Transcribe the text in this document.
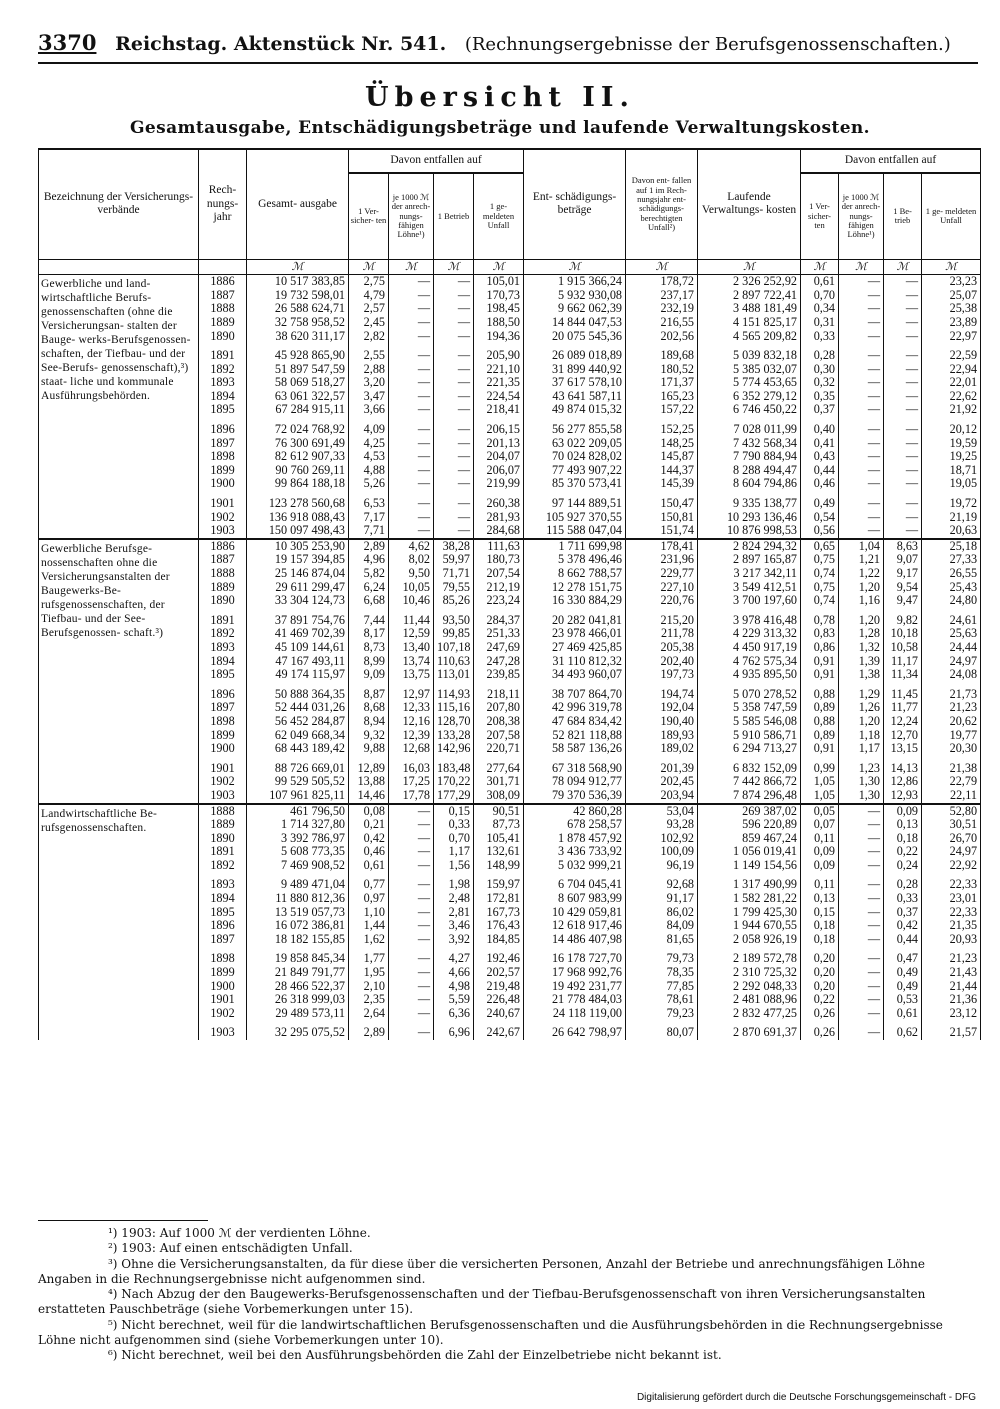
3370 Reichstag. Aktenstück Nr. 541. (Rechnungsergebnisse der Berufsgenossenschaften.)
Übersicht II.
Gesamtausgabe, Entschädigungsbeträge und laufende Verwaltungskosten.
Bezeichnung der Versicherungs- verbände	Rech- nungs- jahr	Gesamt- ausgabe	Davon entfallen auf				Ent- schädigungs- beträge	Davon ent- fallen auf 1 im Rech- nungsjahr ent- schädigungs- berechtigten Unfall²)	Laufende Verwaltungs- kosten	Davon entfallen auf			
			1 Ver- sicher- ten	je 1000 ℳ der anrech- nungs- fähigen Löhne¹)	1 Betrieb	1 ge- meldeten Unfall				1 Ver- sicher- ten	je 1000 ℳ der anrech- nungs- fähigen Löhne¹)	1 Be- trieb	1 ge- meldeten Unfall
		ℳ	ℳ	ℳ	ℳ	ℳ	ℳ	ℳ	ℳ	ℳ	ℳ	ℳ	ℳ
Gewerbliche und land- wirtschaftliche Berufs- genossenschaften (ohne die Versicherungsan- stalten der Bauge- werks-Berufsgenossen- schaften, der Tiefbau- und der See-Berufs- genossenschaft),³) staat- liche und kommunale Ausführungsbehörden.	1886	10 517 383,85	2,75	—	—	105,01	1 915 366,24	178,72	2 326 252,92	0,61	—	—	23,23
	1887	19 732 598,01	4,79	—	—	170,73	5 932 930,08	237,17	2 897 722,41	0,70	—	—	25,07
	1888	26 588 624,71	2,57	—	—	198,45	9 662 062,39	232,19	3 488 181,49	0,34	—	—	25,38
	1889	32 758 958,52	2,45	—	—	188,50	14 844 047,53	216,55	4 151 825,17	0,31	—	—	23,89
	1890	38 620 311,17	2,82	—	—	194,36	20 075 545,36	202,56	4 565 209,82	0,33	—	—	22,97
	1891	45 928 865,90	2,55	—	—	205,90	26 089 018,89	189,68	5 039 832,18	0,28	—	—	22,59
	1892	51 897 547,59	2,88	—	—	221,10	31 899 440,92	180,52	5 385 032,07	0,30	—	—	22,94
	1893	58 069 518,27	3,20	—	—	221,35	37 617 578,10	171,37	5 774 453,65	0,32	—	—	22,01
	1894	63 061 322,57	3,47	—	—	224,54	43 641 587,11	165,23	6 352 279,12	0,35	—	—	22,62
	1895	67 284 915,11	3,66	—	—	218,41	49 874 015,32	157,22	6 746 450,22	0,37	—	—	21,92
	1896	72 024 768,92	4,09	—	—	206,15	56 277 855,58	152,25	7 028 011,99	0,40	—	—	20,12
	1897	76 300 691,49	4,25	—	—	201,13	63 022 209,05	148,25	7 432 568,34	0,41	—	—	19,59
	1898	82 612 907,33	4,53	—	—	204,07	70 024 828,02	145,87	7 790 884,94	0,43	—	—	19,25
	1899	90 760 269,11	4,88	—	—	206,07	77 493 907,22	144,37	8 288 494,47	0,44	—	—	18,71
	1900	99 864 188,18	5,26	—	—	219,99	85 370 573,41	145,39	8 604 794,86	0,46	—	—	19,05
	1901	123 278 560,68	6,53	—	—	260,38	97 144 889,51	150,47	9 335 138,77	0,49	—	—	19,72
	1902	136 918 088,43	7,17	—	—	281,93	105 927 370,55	150,81	10 293 136,46	0,54	—	—	21,19
	1903	150 097 498,43	7,71	—	—	284,68	115 588 047,04	151,74	10 876 998,53	0,56	—	—	20,63
Gewerbliche Berufsge- nossenschaften ohne die Versicherungsanstalten der Baugewerks-Be- rufsgenossenschaften, der Tiefbau- und der See-Berufsgenossen- schaft.³)	1886	10 305 253,90	2,89	4,62	38,28	111,63	1 711 699,98	178,41	2 824 294,32	0,65	1,04	8,63	25,18
	1887	19 157 394,85	4,96	8,02	59,97	180,73	5 378 496,46	231,96	2 897 165,87	0,75	1,21	9,07	27,33
	1888	25 146 874,04	5,82	9,50	71,71	207,54	8 662 788,57	229,77	3 217 342,11	0,74	1,22	9,17	26,55
	1889	29 611 299,47	6,24	10,05	79,55	212,19	12 278 151,75	227,10	3 549 412,51	0,75	1,20	9,54	25,43
	1890	33 304 124,73	6,68	10,46	85,26	223,24	16 330 884,29	220,76	3 700 197,60	0,74	1,16	9,47	24,80
	1891	37 891 754,76	7,44	11,44	93,50	284,37	20 282 041,81	215,20	3 978 416,48	0,78	1,20	9,82	24,61
	1892	41 469 702,39	8,17	12,59	99,85	251,33	23 978 466,01	211,78	4 229 313,32	0,83	1,28	10,18	25,63
	1893	45 109 144,61	8,73	13,40	107,18	247,69	27 469 425,85	205,38	4 450 917,19	0,86	1,32	10,58	24,44
	1894	47 167 493,11	8,99	13,74	110,63	247,28	31 110 812,32	202,40	4 762 575,34	0,91	1,39	11,17	24,97
	1895	49 174 115,97	9,09	13,75	113,01	239,85	34 493 960,07	197,73	4 935 895,50	0,91	1,38	11,34	24,08
	1896	50 888 364,35	8,87	12,97	114,93	218,11	38 707 864,70	194,74	5 070 278,52	0,88	1,29	11,45	21,73
	1897	52 444 031,26	8,68	12,33	115,16	207,80	42 996 319,78	192,04	5 358 747,59	0,89	1,26	11,77	21,23
	1898	56 452 284,87	8,94	12,16	128,70	208,38	47 684 834,42	190,40	5 585 546,08	0,88	1,20	12,24	20,62
	1899	62 049 668,34	9,32	12,39	133,28	207,58	52 821 118,88	189,93	5 910 586,71	0,89	1,18	12,70	19,77
	1900	68 443 189,42	9,88	12,68	142,96	220,71	58 587 136,26	189,02	6 294 713,27	0,91	1,17	13,15	20,30
	1901	88 726 669,01	12,89	16,03	183,48	277,64	67 318 568,90	201,39	6 832 152,09	0,99	1,23	14,13	21,38
	1902	99 529 505,52	13,88	17,25	170,22	301,71	78 094 912,77	202,45	7 442 866,72	1,05	1,30	12,86	22,79
	1903	107 961 825,11	14,46	17,78	177,29	308,09	79 370 536,39	203,94	7 874 296,48	1,05	1,30	12,93	22,11
Landwirtschaftliche Be- rufsgenossenschaften.	1888	461 796,50	0,08	—	0,15	90,51	42 860,28	53,04	269 387,02	0,05	—	0,09	52,80
	1889	1 714 327,80	0,21	—	0,33	87,73	678 258,57	93,28	596 220,89	0,07	—	0,13	30,51
	1890	3 392 786,97	0,42	—	0,70	105,41	1 878 457,92	102,92	859 467,24	0,11	—	0,18	26,70
	1891	5 608 773,35	0,46	—	1,17	132,61	3 436 733,92	100,09	1 056 019,41	0,09	—	0,22	24,97
	1892	7 469 908,52	0,61	—	1,56	148,99	5 032 999,21	96,19	1 149 154,56	0,09	—	0,24	22,92
	1893	9 489 471,04	0,77	—	1,98	159,97	6 704 045,41	92,68	1 317 490,99	0,11	—	0,28	22,33
	1894	11 880 812,36	0,97	—	2,48	172,81	8 607 983,99	91,17	1 582 281,22	0,13	—	0,33	23,01
	1895	13 519 057,73	1,10	—	2,81	167,73	10 429 059,81	86,02	1 799 425,30	0,15	—	0,37	22,33
	1896	16 072 386,81	1,44	—	3,46	176,43	12 618 917,46	84,09	1 944 670,55	0,18	—	0,42	21,35
	1897	18 182 155,85	1,62	—	3,92	184,85	14 486 407,98	81,65	2 058 926,19	0,18	—	0,44	20,93
	1898	19 858 845,34	1,77	—	4,27	192,46	16 178 727,70	79,73	2 189 572,78	0,20	—	0,47	21,23
	1899	21 849 791,77	1,95	—	4,66	202,57	17 968 992,76	78,35	2 310 725,32	0,20	—	0,49	21,43
	1900	28 466 522,37	2,10	—	4,98	219,48	19 492 231,77	77,85	2 292 048,33	0,20	—	0,49	21,44
	1901	26 318 999,03	2,35	—	5,59	226,48	21 778 484,03	78,61	2 481 088,96	0,22	—	0,53	21,36
	1902	29 489 573,11	2,64	—	6,36	240,67	24 118 119,00	79,23	2 832 477,25	0,26	—	0,61	23,12
	1903	32 295 075,52	2,89	—	6,96	242,67	26 642 798,97	80,07	2 870 691,37	0,26	—	0,62	21,57

¹) 1903: Auf 1000 ℳ der verdienten Löhne.

²) 1903: Auf einen entschädigten Unfall.

³) Ohne die Versicherungsanstalten, da für diese über die versicherten Personen, Anzahl der Betriebe und anrechnungsfähigen Löhne Angaben in die Rechnungsergebnisse nicht aufgenommen sind.

⁴) Nach Abzug der den Baugewerks-Berufsgenossenschaften und der Tiefbau-Berufsgenossenschaft von ihren Versicherungsanstalten erstatteten Pauschbeträge (siehe Vorbemerkungen unter 15).

⁵) Nicht berechnet, weil für die landwirtschaftlichen Berufsgenossenschaften und die Ausführungsbehörden in die Rechnungsergebnisse Löhne nicht aufgenommen sind (siehe Vorbemerkungen unter 10).

⁶) Nicht berechnet, weil bei den Ausführungsbehörden die Zahl der Einzelbetriebe nicht bekannt ist.

Digitalisierung gefördert durch die Deutsche Forschungsgemeinschaft - DFG
